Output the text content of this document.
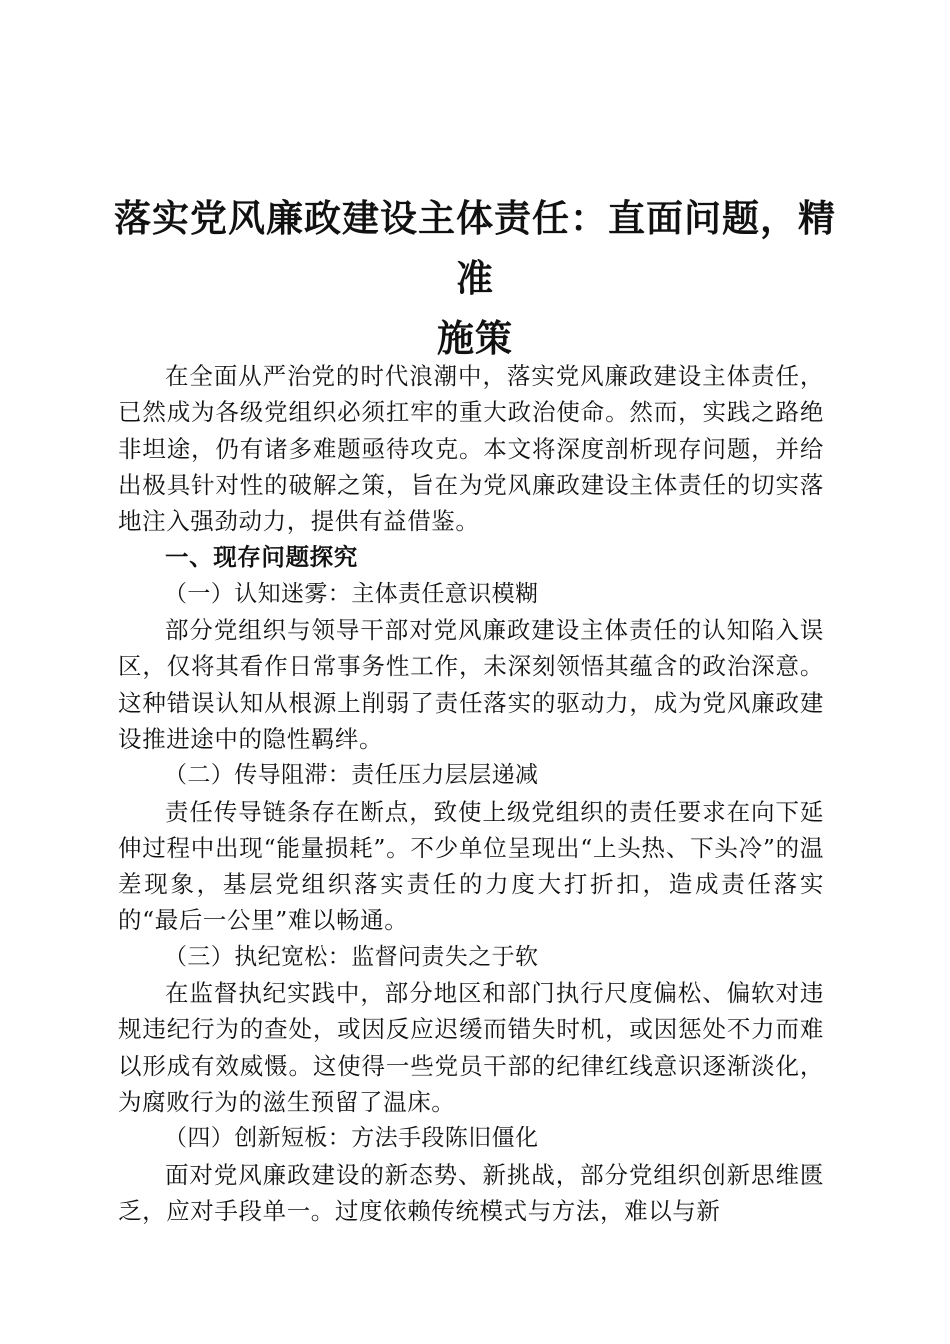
落实党风廉政建设主体责任：直面问题，精准
施策

在全面从严治党的时代浪潮中，落实党风廉政建设主体责任，已然成为各级党组织必须扛牢的重大政治使命。然而，实践之路绝非坦途，仍有诸多难题亟待攻克。本文将深度剖析现存问题，并给出极具针对性的破解之策，旨在为党风廉政建设主体责任的切实落地注入强劲动力，提供有益借鉴。

一、现存问题探究

（一）认知迷雾：主体责任意识模糊

部分党组织与领导干部对党风廉政建设主体责任的认知陷入误区，仅将其看作日常事务性工作，未深刻领悟其蕴含的政治深意。这种错误认知从根源上削弱了责任落实的驱动力，成为党风廉政建设推进途中的隐性羁绊。

（二）传导阻滞：责任压力层层递减

责任传导链条存在断点，致使上级党组织的责任要求在向下延伸过程中出现“能量损耗”。不少单位呈现出“上头热、下头冷”的温差现象，基层党组织落实责任的力度大打折扣，造成责任落实的“最后一公里”难以畅通。

（三）执纪宽松：监督问责失之于软

在监督执纪实践中，部分地区和部门执行尺度偏松、偏软对违规违纪行为的查处，或因反应迟缓而错失时机，或因惩处不力而难以形成有效威慑。这使得一些党员干部的纪律红线意识逐渐淡化，为腐败行为的滋生预留了温床。

（四）创新短板：方法手段陈旧僵化

面对党风廉政建设的新态势、新挑战，部分党组织创新思维匮乏，应对手段单一。过度依赖传统模式与方法，难以与新
